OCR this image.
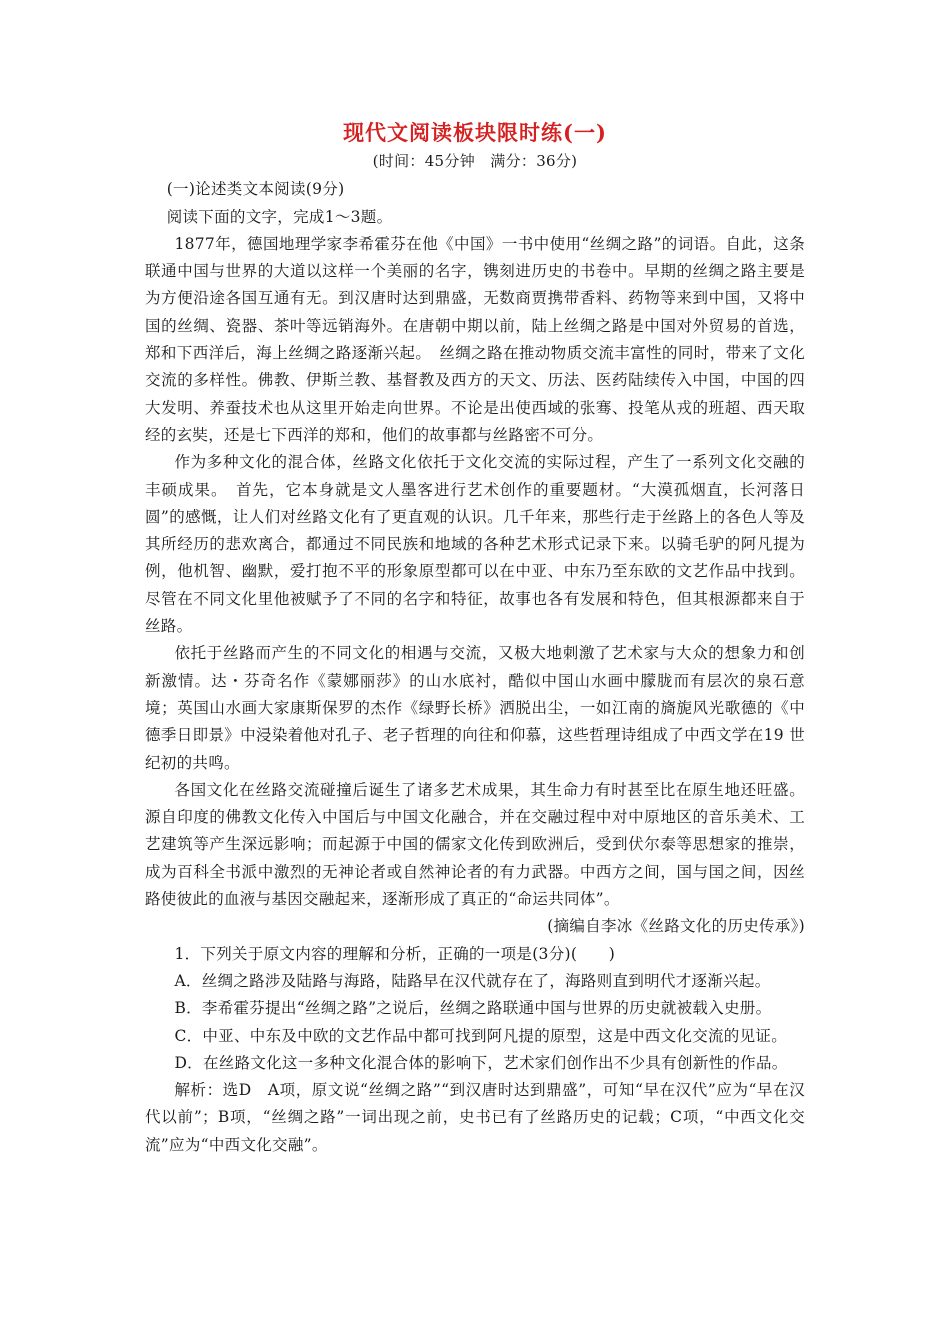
现代文阅读板块限时练(一)

(时间：45分钟　满分：36分)

(一)论述类文本阅读(9分)

阅读下面的文字，完成1～3题。

1877年，德国地理学家李希霍芬在他《中国》一书中使用“丝绸之路”的词语。自此，这条联通中国与世界的大道以这样一个美丽的名字，镌刻进历史的书卷中。早期的丝绸之路主要是为方便沿途各国互通有无。到汉唐时达到鼎盛，无数商贾携带香料、药物等来到中国，又将中国的丝绸、瓷器、茶叶等远销海外。在唐朝中期以前，陆上丝绸之路是中国对外贸易的首选，郑和下西洋后，海上丝绸之路逐渐兴起。　丝绸之路在推动物质交流丰富性的同时，带来了文化交流的多样性。佛教、伊斯兰教、基督教及西方的天文、历法、医药陆续传入中国，中国的四大发明、养蚕技术也从这里开始走向世界。不论是出使西域的张骞、投笔从戎的班超、西天取经的玄奘，还是七下西洋的郑和，他们的故事都与丝路密不可分。

作为多种文化的混合体，丝路文化依托于文化交流的实际过程，产生了一系列文化交融的丰硕成果。　首先，它本身就是文人墨客进行艺术创作的重要题材。“大漠孤烟直，长河落日圆”的感慨，让人们对丝路文化有了更直观的认识。几千年来，那些行走于丝路上的各色人等及其所经历的悲欢离合，都通过不同民族和地域的各种艺术形式记录下来。以骑毛驴的阿凡提为例，他机智、幽默，爱打抱不平的形象原型都可以在中亚、中东乃至东欧的文艺作品中找到。尽管在不同文化里他被赋予了不同的名字和特征，故事也各有发展和特色，但其根源都来自于丝路。

依托于丝路而产生的不同文化的相遇与交流，又极大地刺激了艺术家与大众的想象力和创新激情。达・芬奇名作《蒙娜丽莎》的山水底衬，酷似中国山水画中朦胧而有层次的泉石意境；英国山水画大家康斯保罗的杰作《绿野长桥》洒脱出尘，一如江南的旖旎风光歌德的《中德季日即景》中浸染着他对孔子、老子哲理的向往和仰慕，这些哲理诗组成了中西文学在19 世纪初的共鸣。

各国文化在丝路交流碰撞后诞生了诸多艺术成果，其生命力有时甚至比在原生地还旺盛。源自印度的佛教文化传入中国后与中国文化融合，并在交融过程中对中原地区的音乐美术、工艺建筑等产生深远影响；而起源于中国的儒家文化传到欧洲后，受到伏尔泰等思想家的推崇，成为百科全书派中激烈的无神论者或自然神论者的有力武器。中西方之间，国与国之间，因丝路使彼此的血液与基因交融起来，逐渐形成了真正的“命运共同体”。

(摘编自李冰《丝路文化的历史传承》)

1．下列关于原文内容的理解和分析，正确的一项是(3分)(　　)

A．丝绸之路涉及陆路与海路，陆路早在汉代就存在了，海路则直到明代才逐渐兴起。

B．李希霍芬提出“丝绸之路”之说后，丝绸之路联通中国与世界的历史就被载入史册。

C．中亚、中东及中欧的文艺作品中都可找到阿凡提的原型，这是中西文化交流的见证。

D．在丝路文化这一多种文化混合体的影响下，艺术家们创作出不少具有创新性的作品。

解析：选D　A项，原文说“丝绸之路”“到汉唐时达到鼎盛”，可知“早在汉代”应为“早在汉代以前”；B项，“丝绸之路”一词出现之前，史书已有了丝路历史的记载；C项，“中西文化交流”应为“中西文化交融”。
